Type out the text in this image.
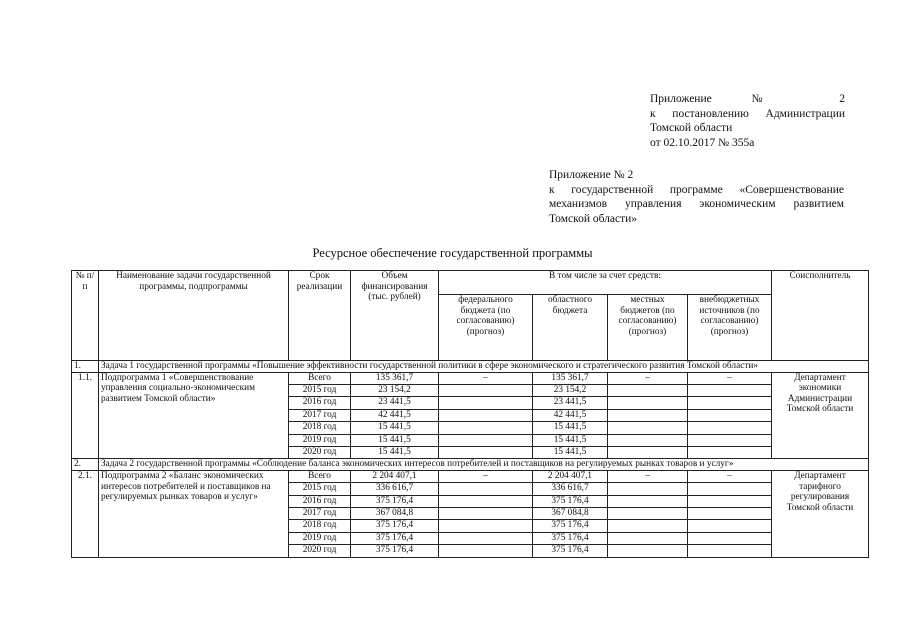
Приложение № 2
к постановлению Администрации
Томской области
от 02.10.2017 № 355а
Приложение № 2
к государственной программе «Совершенствование
механизмов управления экономическим развитием
Томской области»
Ресурсное обеспечение государственной программы
№ п/п	Наименование задачи государственной программы, подпрограммы	Срок реализации	Объем финансирования (тыс. рублей)	В том числе за счет средств:				Соисполнитель
				федерального бюджета (по согласованию) (прогноз)	областного бюджета	местных бюджетов (по согласованию) (прогноз)	внебюджетных источников (по согласованию) (прогноз)	
1.	Задача 1 государственной программы «Повышение эффективности государственной политики в сфере экономического и стратегического развития Томской области»							
1.1.	Подпрограмма 1 «Совершенствование управления социально-экономическим развитием Томской области»	Всего	135 361,7	–	135 361,7	–	–	Департамент экономики Администрации Томской области
		2015 год	23 154,2		23 154,2			
		2016 год	23 441,5		23 441,5			
		2017 год	42 441,5		42 441,5			
		2018 год	15 441,5		15 441,5			
		2019 год	15 441,5		15 441,5			
		2020 год	15 441,5		15 441,5			
2.	Задача 2 государственной программы «Соблюдение баланса экономических интересов потребителей и поставщиков на регулируемых рынках товаров и услуг»							
2.1.	Подпрограмма 2 «Баланс экономических интересов потребителей и поставщиков на регулируемых рынках товаров и услуг»	Всего	2 204 407,1	–	2 204 407,1	–	–	Департамент тарифного регулирования Томской области
		2015 год	336 616,7		336 616,7			
		2016 год	375 176,4		375 176,4			
		2017 год	367 084,8		367 084,8			
		2018 год	375 176,4		375 176,4			
		2019 год	375 176,4		375 176,4			
		2020 год	375 176,4		375 176,4			
